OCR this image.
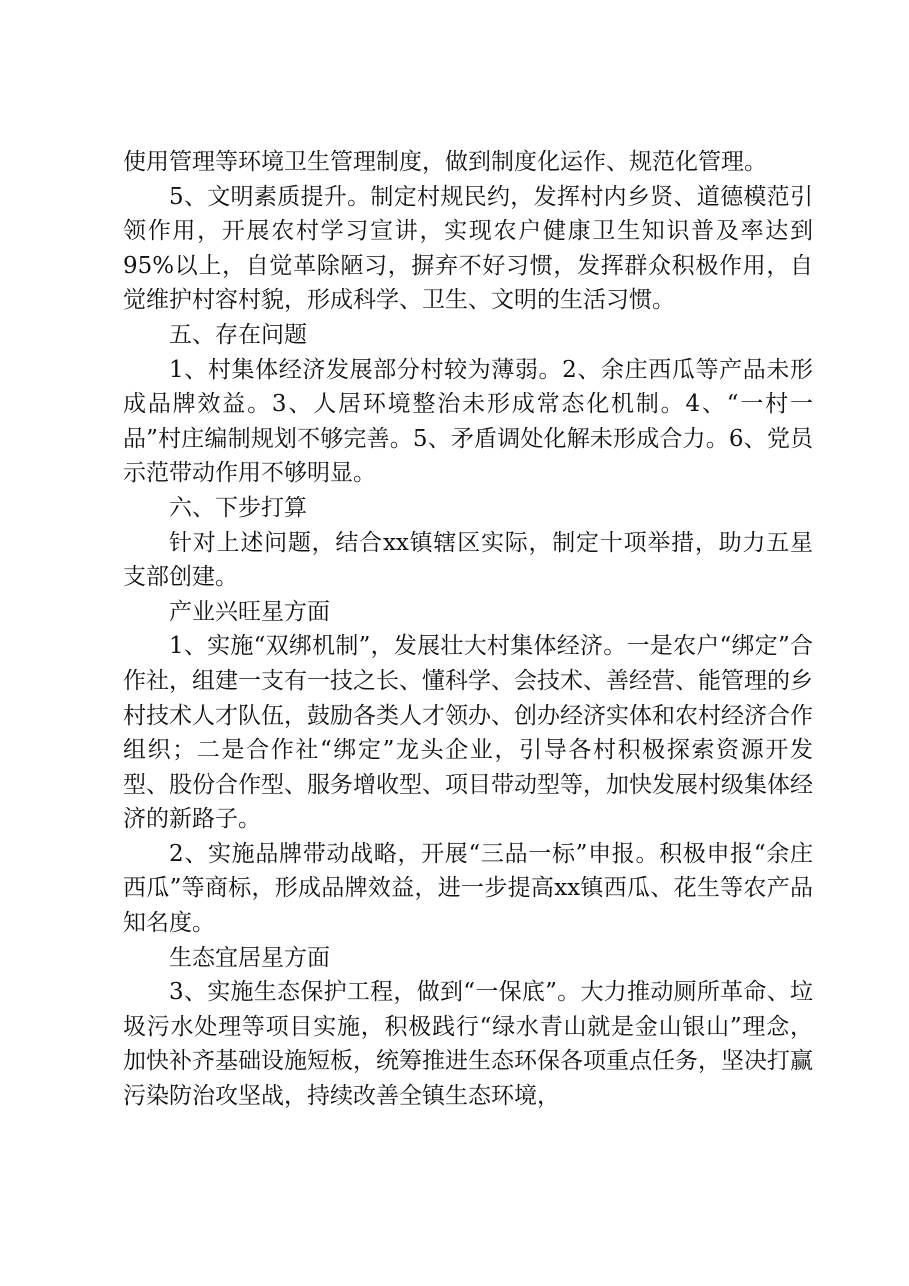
使用管理等环境卫生管理制度，做到制度化运作、规范化管理。

5、文明素质提升。制定村规民约，发挥村内乡贤、道德模范引领作用，开展农村学习宣讲，实现农户健康卫生知识普及率达到95%以上，自觉革除陋习，摒弃不好习惯，发挥群众积极作用，自觉维护村容村貌，形成科学、卫生、文明的生活习惯。

五、存在问题

1、村集体经济发展部分村较为薄弱。2、余庄西瓜等产品未形成品牌效益。3、人居环境整治未形成常态化机制。4、“一村一品”村庄编制规划不够完善。5、矛盾调处化解未形成合力。6、党员示范带动作用不够明显。

六、下步打算

针对上述问题，结合xx镇辖区实际，制定十项举措，助力五星支部创建。

产业兴旺星方面

1、实施“双绑机制”，发展壮大村集体经济。一是农户“绑定”合作社，组建一支有一技之长、懂科学、会技术、善经营、能管理的乡村技术人才队伍，鼓励各类人才领办、创办经济实体和农村经济合作组织；二是合作社“绑定”龙头企业，引导各村积极探索资源开发型、股份合作型、服务增收型、项目带动型等，加快发展村级集体经济的新路子。

2、实施品牌带动战略，开展“三品一标”申报。积极申报“余庄西瓜”等商标，形成品牌效益，进一步提高xx镇西瓜、花生等农产品知名度。

生态宜居星方面

3、实施生态保护工程，做到“一保底”。大力推动厕所革命、垃圾污水处理等项目实施，积极践行“绿水青山就是金山银山”理念，加快补齐基础设施短板，统筹推进生态环保各项重点任务，坚决打赢污染防治攻坚战，持续改善全镇生态环境，
